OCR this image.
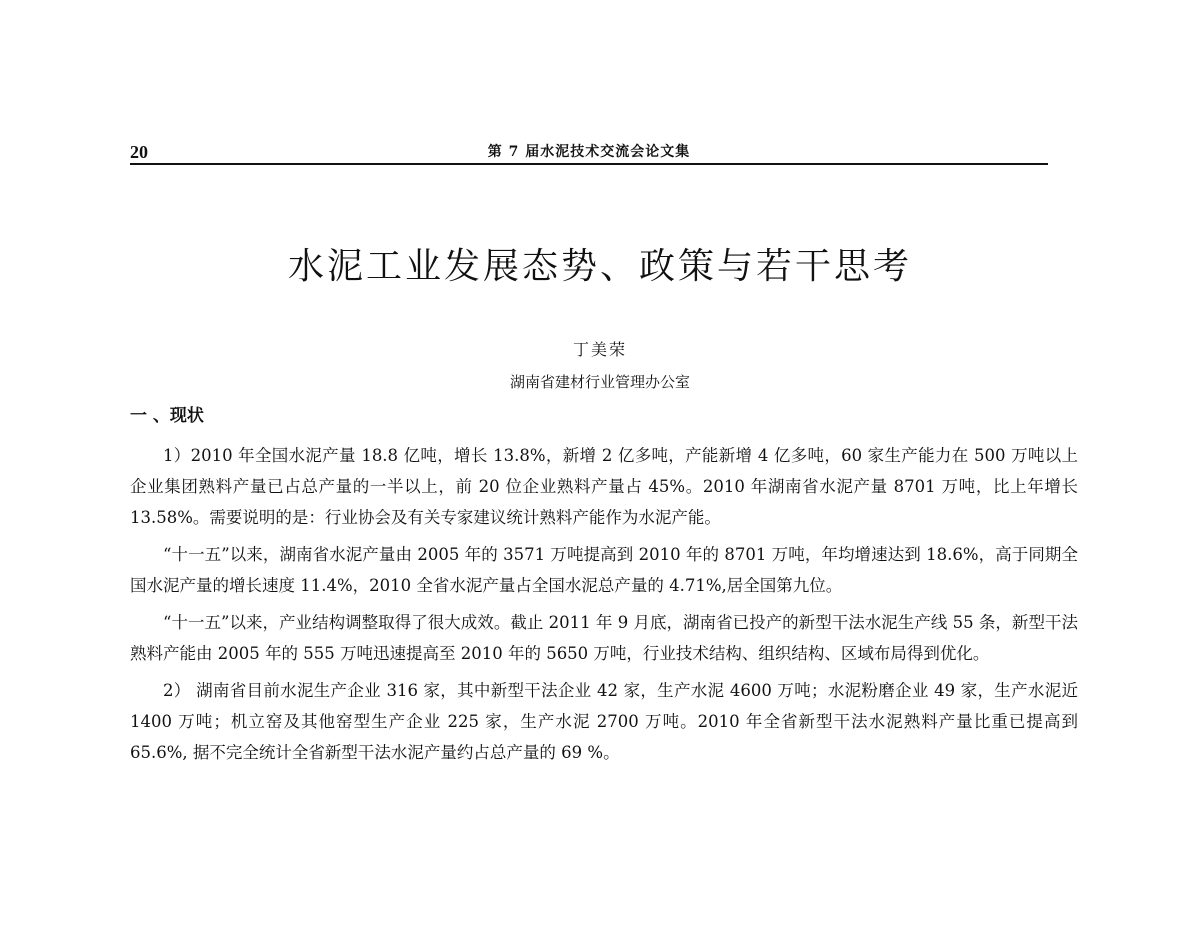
20	第 7 届水泥技术交流会论文集
水泥工业发展态势、政策与若干思考
丁美荣
湖南省建材行业管理办公室
一 、现状

1）2010 年全国水泥产量 18.8 亿吨，增长 13.8%，新增 2 亿多吨，产能新增 4 亿多吨，60 家生产能力在 500 万吨以上企业集团熟料产量已占总产量的一半以上，前 20 位企业熟料产量占 45%。2010 年湖南省水泥产量 8701 万吨，比上年增长 13.58%。需要说明的是：行业协会及有关专家建议统计熟料产能作为水泥产能。

“十一五”以来，湖南省水泥产量由 2005 年的 3571 万吨提高到 2010 年的 8701 万吨，年均增速达到 18.6%，高于同期全国水泥产量的增长速度 11.4%，2010 全省水泥产量占全国水泥总产量的 4.71%,居全国第九位。

“十一五”以来，产业结构调整取得了很大成效。截止 2011 年 9 月底，湖南省已投产的新型干法水泥生产线 55 条，新型干法熟料产能由 2005 年的 555 万吨迅速提高至 2010 年的 5650 万吨，行业技术结构、组织结构、区域布局得到优化。

2） 湖南省目前水泥生产企业 316 家，其中新型干法企业 42 家，生产水泥 4600 万吨；水泥粉磨企业 49 家，生产水泥近 1400 万吨；机立窑及其他窑型生产企业 225 家，生产水泥 2700 万吨。2010 年全省新型干法水泥熟料产量比重已提高到 65.6%, 据不完全统计全省新型干法水泥产量约占总产量的 69 %。
